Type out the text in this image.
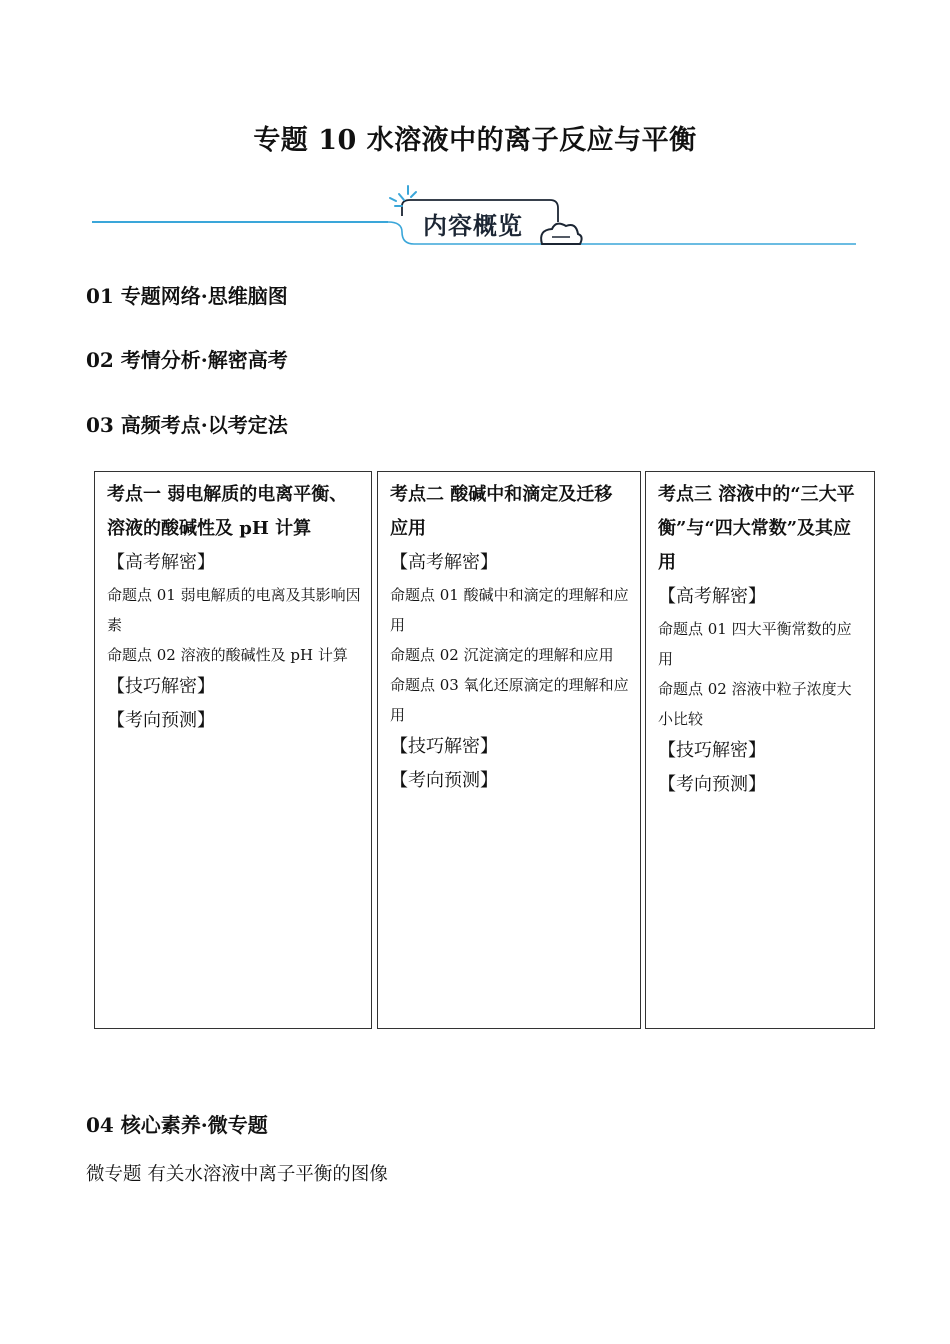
专题 10 水溶液中的离子反应与平衡
内容概览
01 专题网络·思维脑图
02 考情分析·解密高考
03 高频考点·以考定法
考点一 弱电解质的电离平衡、溶液的酸碱性及 pH 计算
【高考解密】
命题点 01 弱电解质的电离及其影响因素
命题点 02 溶液的酸碱性及 pH 计算
【技巧解密】
【考向预测】
考点二 酸碱中和滴定及迁移应用
【高考解密】
命题点 01 酸碱中和滴定的理解和应用
命题点 02 沉淀滴定的理解和应用
命题点 03 氧化还原滴定的理解和应用
【技巧解密】
【考向预测】
考点三 溶液中的“三大平衡”与“四大常数”及其应用
【高考解密】
命题点 01 四大平衡常数的应用
命题点 02 溶液中粒子浓度大小比较
【技巧解密】
【考向预测】
04 核心素养·微专题
微专题 有关水溶液中离子平衡的图像
